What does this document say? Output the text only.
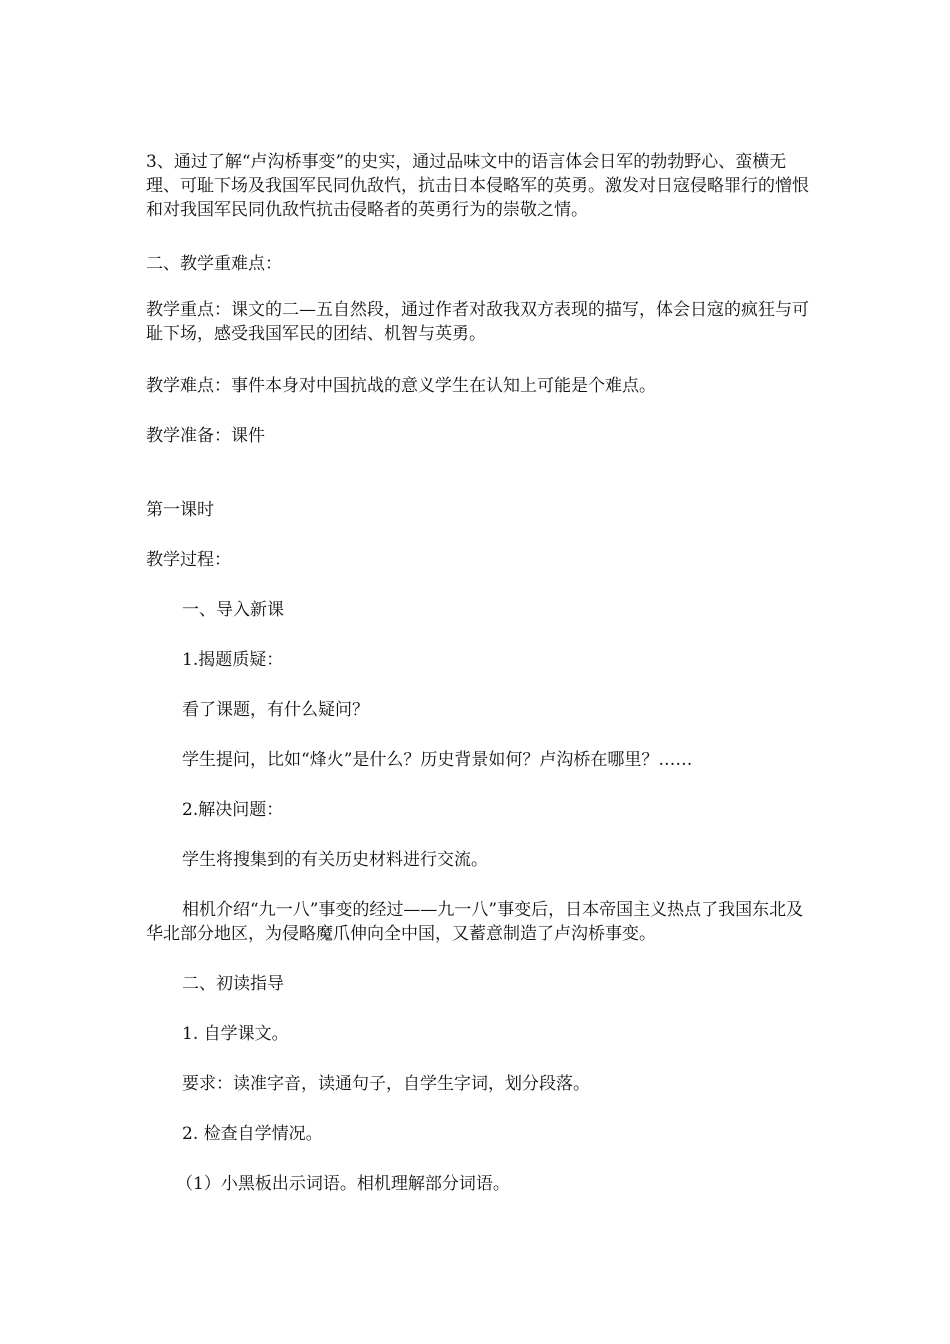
3、通过了解“卢沟桥事变”的史实，通过品味文中的语言体会日军的勃勃野心、蛮横无理、可耻下场及我国军民同仇敌忾，抗击日本侵略军的英勇。激发对日寇侵略罪行的憎恨和对我国军民同仇敌忾抗击侵略者的英勇行为的崇敬之情。

二、教学重难点：

教学重点：课文的二—五自然段，通过作者对敌我双方表现的描写，体会日寇的疯狂与可耻下场，感受我国军民的团结、机智与英勇。

教学难点：事件本身对中国抗战的意义学生在认知上可能是个难点。

教学准备：课件

第一课时

教学过程：

一、导入新课

1.揭题质疑：

看了课题，有什么疑问？

学生提问，比如“烽火”是什么？历史背景如何？卢沟桥在哪里？……

2.解决问题：

学生将搜集到的有关历史材料进行交流。

相机介绍“九一八”事变的经过——九一八”事变后，日本帝国主义热点了我国东北及华北部分地区，为侵略魔爪伸向全中国，又蓄意制造了卢沟桥事变。

二、初读指导

1. 自学课文。

要求：读准字音，读通句子，自学生字词，划分段落。

2. 检查自学情况。

（1）小黑板出示词语。相机理解部分词语。
